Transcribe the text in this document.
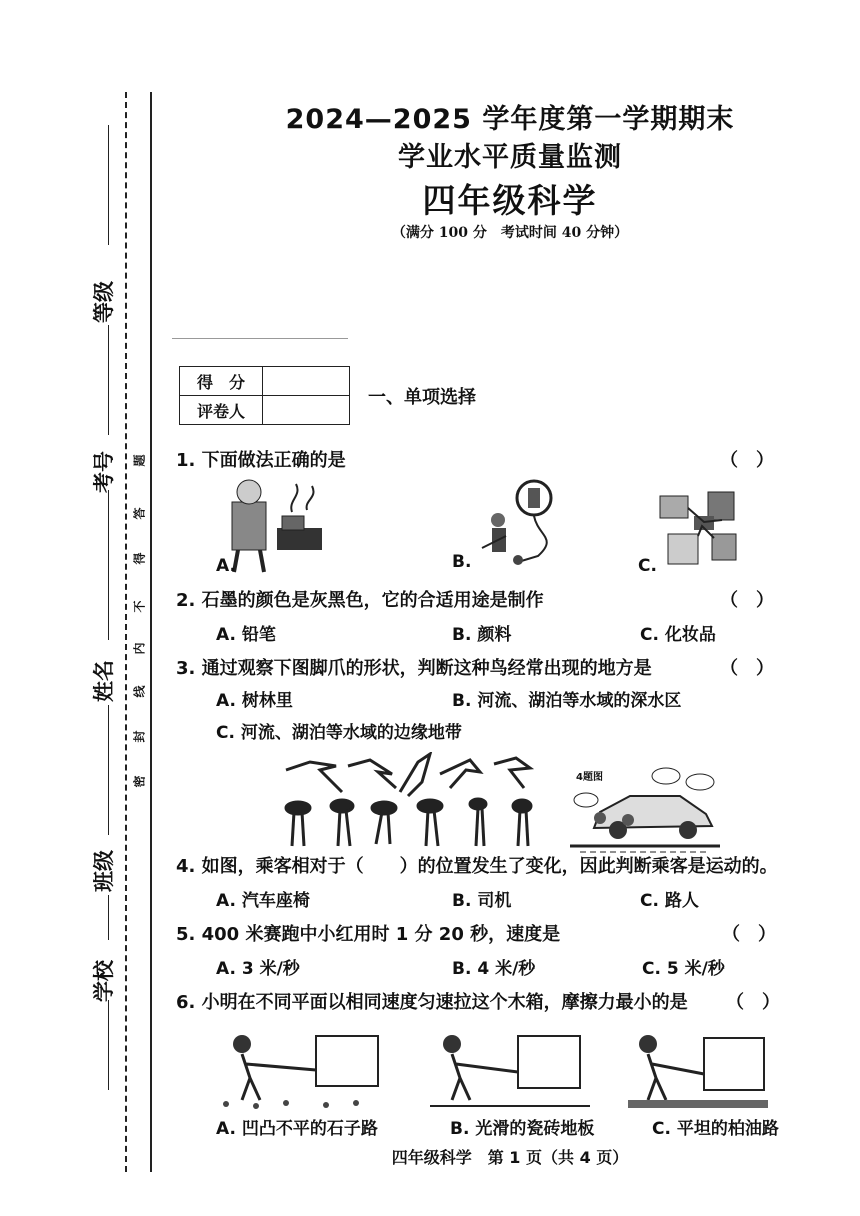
等级
考号
姓名
班级
学校
题
答
得
不
内
线
封
密
2024—2025 学年度第一学期期末
学业水平质量监测
四年级科学
（满分 100 分　考试时间 40 分钟）
得　分	
评卷人	
一、单项选择
1. 下面做法正确的是	（　）
A.	B.	C.
2. 石墨的颜色是灰黑色，它的合适用途是制作	（　）
A. 铅笔	B. 颜料	C. 化妆品
3. 通过观察下图脚爪的形状，判断这种鸟经常出现的地方是	（　）
A. 树林里	B. 河流、湖泊等水域的深水区
C. 河流、湖泊等水域的边缘地带
4题图
4. 如图，乘客相对于（　　）的位置发生了变化，因此判断乘客是运动的。
A. 汽车座椅	B. 司机	C. 路人
5. 400 米赛跑中小红用时 1 分 20 秒，速度是	（　）
A. 3 米/秒	B. 4 米/秒	C. 5 米/秒
6. 小明在不同平面以相同速度匀速拉这个木箱，摩擦力最小的是 （　）
A. 凹凸不平的石子路	B. 光滑的瓷砖地板	C. 平坦的柏油路
四年级科学　第 1 页（共 4 页）
